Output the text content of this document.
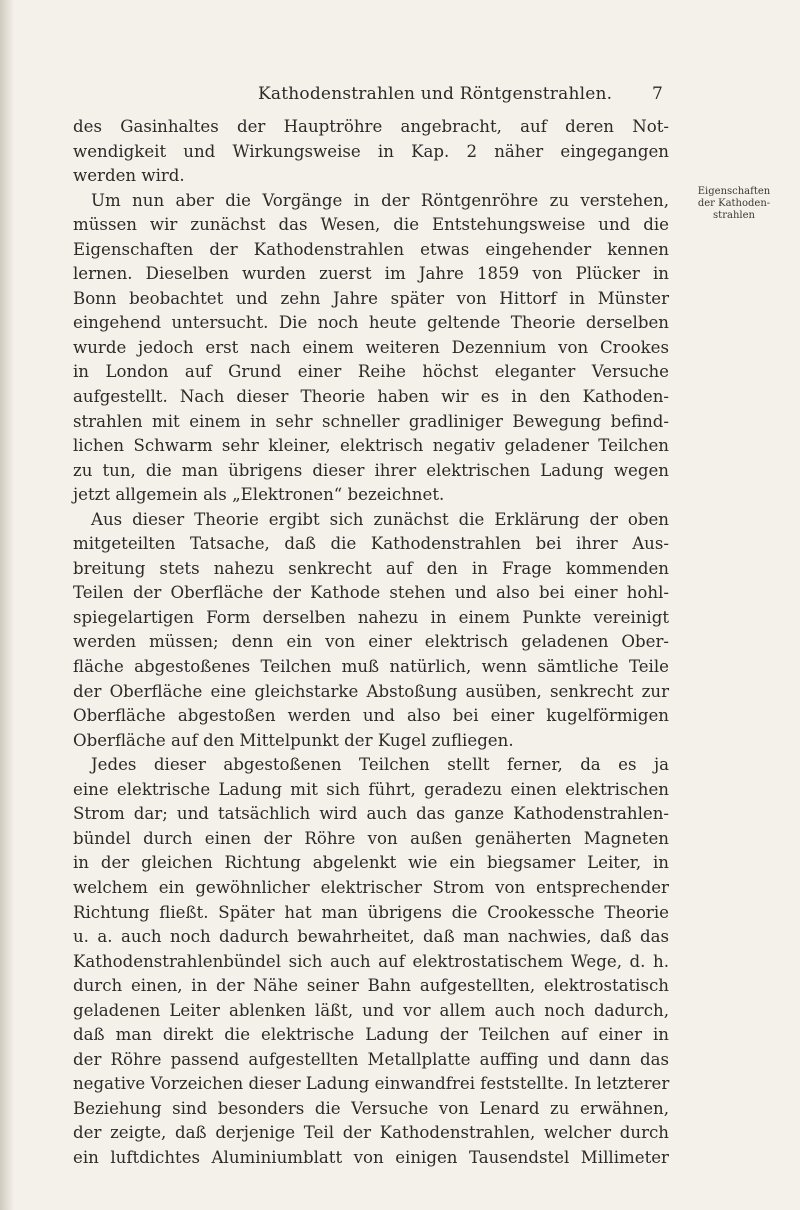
Kathodenstrahlen und Röntgenstrahlen. 7
Eigenschaften
der Kathoden-
strahlen
des Gasinhaltes der Hauptröhre angebracht, auf deren Not-
wendigkeit und Wirkungsweise in Kap. 2 näher eingegangen
werden wird.
Um nun aber die Vorgänge in der Röntgenröhre zu verstehen,
müssen wir zunächst das Wesen, die Entstehungsweise und die
Eigenschaften der Kathodenstrahlen etwas eingehender kennen
lernen. Dieselben wurden zuerst im Jahre 1859 von Plücker in
Bonn beobachtet und zehn Jahre später von Hittorf in Münster
eingehend untersucht. Die noch heute geltende Theorie derselben
wurde jedoch erst nach einem weiteren Dezennium von Crookes
in London auf Grund einer Reihe höchst eleganter Versuche
aufgestellt. Nach dieser Theorie haben wir es in den Kathoden-
strahlen mit einem in sehr schneller gradliniger Bewegung befind-
lichen Schwarm sehr kleiner, elektrisch negativ geladener Teilchen
zu tun, die man übrigens dieser ihrer elektrischen Ladung wegen
jetzt allgemein als „Elektronen“ bezeichnet.
Aus dieser Theorie ergibt sich zunächst die Erklärung der oben
mitgeteilten Tatsache, daß die Kathodenstrahlen bei ihrer Aus-
breitung stets nahezu senkrecht auf den in Frage kommenden
Teilen der Oberfläche der Kathode stehen und also bei einer hohl-
spiegelartigen Form derselben nahezu in einem Punkte vereinigt
werden müssen; denn ein von einer elektrisch geladenen Ober-
fläche abgestoßenes Teilchen muß natürlich, wenn sämtliche Teile
der Oberfläche eine gleichstarke Abstoßung ausüben, senkrecht zur
Oberfläche abgestoßen werden und also bei einer kugelförmigen
Oberfläche auf den Mittelpunkt der Kugel zufliegen.
Jedes dieser abgestoßenen Teilchen stellt ferner, da es ja
eine elektrische Ladung mit sich führt, geradezu einen elektrischen
Strom dar; und tatsächlich wird auch das ganze Kathodenstrahlen-
bündel durch einen der Röhre von außen genäherten Magneten
in der gleichen Richtung abgelenkt wie ein biegsamer Leiter, in
welchem ein gewöhnlicher elektrischer Strom von entsprechender
Richtung fließt. Später hat man übrigens die Crookessche Theorie
u. a. auch noch dadurch bewahrheitet, daß man nachwies, daß das
Kathodenstrahlenbündel sich auch auf elektrostatischem Wege, d. h.
durch einen, in der Nähe seiner Bahn aufgestellten, elektrostatisch
geladenen Leiter ablenken läßt, und vor allem auch noch dadurch,
daß man direkt die elektrische Ladung der Teilchen auf einer in
der Röhre passend aufgestellten Metallplatte auffing und dann das
negative Vorzeichen dieser Ladung einwandfrei feststellte. In letzterer
Beziehung sind besonders die Versuche von Lenard zu erwähnen,
der zeigte, daß derjenige Teil der Kathodenstrahlen, welcher durch
ein luftdichtes Aluminiumblatt von einigen Tausendstel Millimeter
